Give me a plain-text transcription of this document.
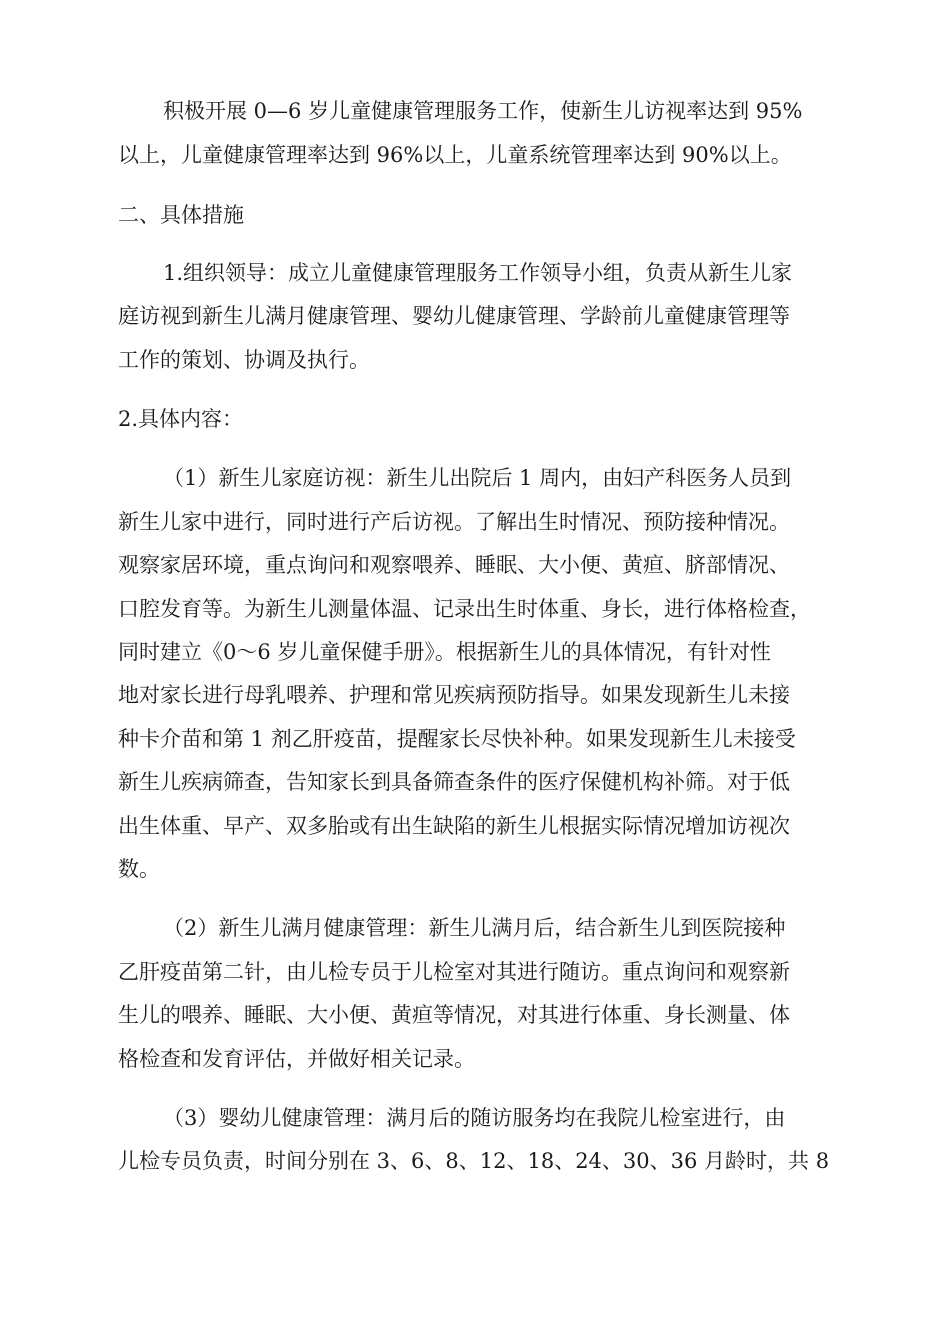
积极开展 0—6 岁儿童健康管理服务工作，使新生儿访视率达到 95%
以上，儿童健康管理率达到 96%以上，儿童系统管理率达到 90%以上。
二、具体措施
1.组织领导：成立儿童健康管理服务工作领导小组，负责从新生儿家
庭访视到新生儿满月健康管理、婴幼儿健康管理、学龄前儿童健康管理等
工作的策划、协调及执行。
2.具体内容：
（1）新生儿家庭访视：新生儿出院后 1 周内，由妇产科医务人员到
新生儿家中进行，同时进行产后访视。了解出生时情况、预防接种情况。
观察家居环境，重点询问和观察喂养、睡眠、大小便、黄疸、脐部情况、
口腔发育等。为新生儿测量体温、记录出生时体重、身长，进行体格检查，
同时建立《0～6 岁儿童保健手册》。根据新生儿的具体情况，有针对性
地对家长进行母乳喂养、护理和常见疾病预防指导。如果发现新生儿未接
种卡介苗和第 1 剂乙肝疫苗，提醒家长尽快补种。如果发现新生儿未接受
新生儿疾病筛查，告知家长到具备筛查条件的医疗保健机构补筛。对于低
出生体重、早产、双多胎或有出生缺陷的新生儿根据实际情况增加访视次
数。
（2）新生儿满月健康管理：新生儿满月后，结合新生儿到医院接种
乙肝疫苗第二针，由儿检专员于儿检室对其进行随访。重点询问和观察新
生儿的喂养、睡眠、大小便、黄疸等情况，对其进行体重、身长测量、体
格检查和发育评估，并做好相关记录。
（3）婴幼儿健康管理：满月后的随访服务均在我院儿检室进行，由
儿检专员负责，时间分别在 3、6、8、12、18、24、30、36 月龄时，共 8
